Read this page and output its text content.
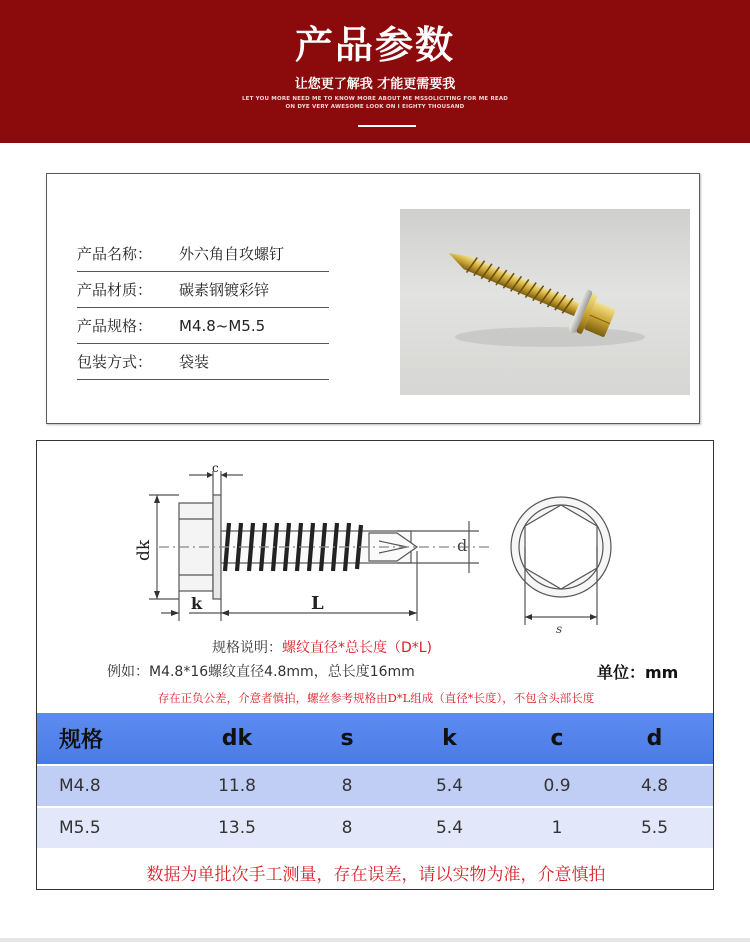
产品参数
让您更了解我 才能更需要我
LET YOU MORE NEED ME TO KNOW MORE ABOUT ME MSSOLICITING FOR ME READ
ON DYE VERY AWESOME LOOK ON I EIGHTY THOUSAND
产品名称： 外六角自攻螺钉
产品材质： 碳素钢镀彩锌
产品规格： M4.8~M5.5
包装方式： 袋装
c
dk
k	L
d
s
规格说明：螺纹直径*总长度（D*L)
例如：M4.8*16螺纹直径4.8mm，总长度16mm	单位：mm
存在正负公差，介意者慎拍，螺丝参考规格由D*L组成（直径*长度），不包含头部长度
规格	dk	s	k	c	d
M4.8	11.8	8	5.4	0.9	4.8
M5.5	13.5	8	5.4	1	5.5
数据为单批次手工测量，存在误差，请以实物为准，介意慎拍
